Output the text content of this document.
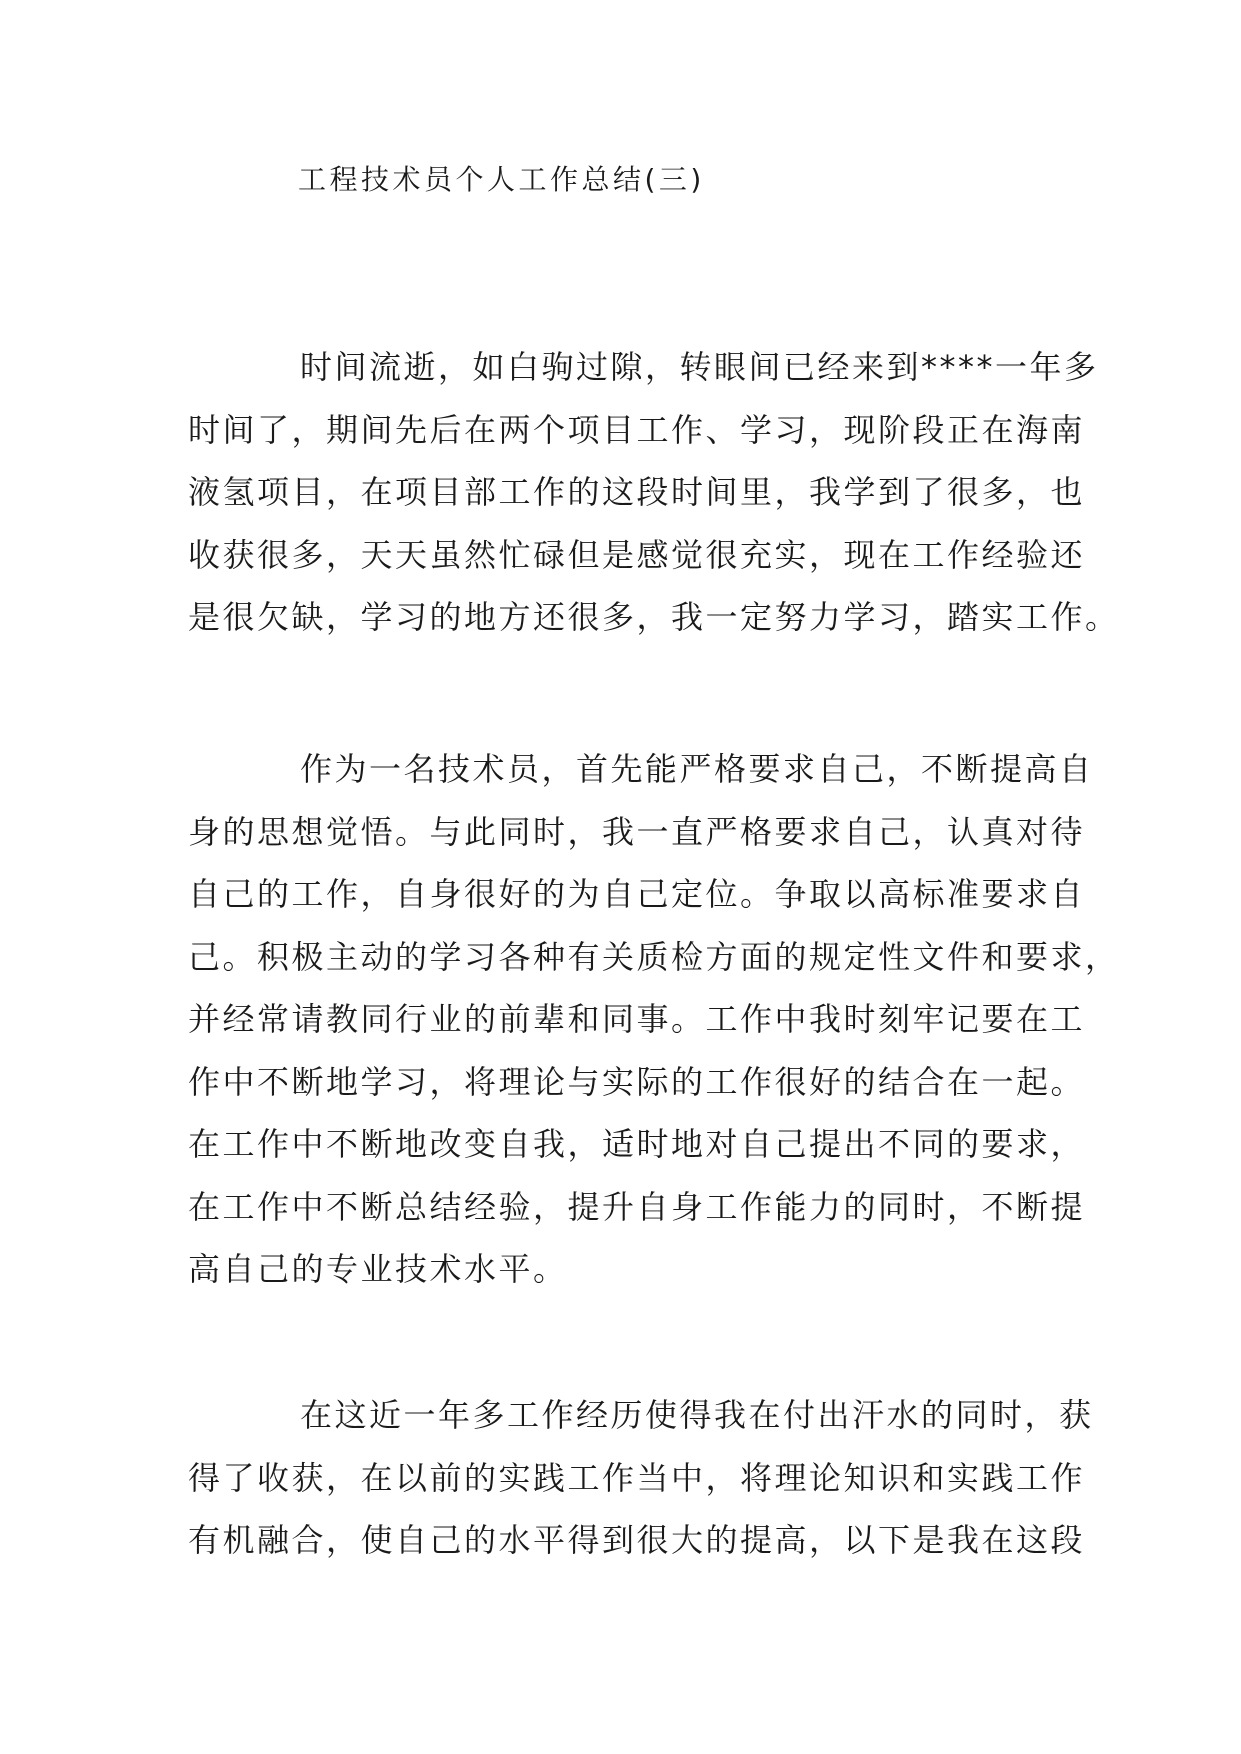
工程技术员个人工作总结(三)
时间流逝，如白驹过隙，转眼间已经来到****一年多
时间了，期间先后在两个项目工作、学习，现阶段正在海南
液氢项目，在项目部工作的这段时间里，我学到了很多，也
收获很多，天天虽然忙碌但是感觉很充实，现在工作经验还
是很欠缺，学习的地方还很多，我一定努力学习，踏实工作。
作为一名技术员，首先能严格要求自己，不断提高自
身的思想觉悟。与此同时，我一直严格要求自己，认真对待
自己的工作，自身很好的为自己定位。争取以高标准要求自
己。积极主动的学习各种有关质检方面的规定性文件和要求，
并经常请教同行业的前辈和同事。工作中我时刻牢记要在工
作中不断地学习，将理论与实际的工作很好的结合在一起。
在工作中不断地改变自我，适时地对自己提出不同的要求，
在工作中不断总结经验，提升自身工作能力的同时，不断提
高自己的专业技术水平。
在这近一年多工作经历使得我在付出汗水的同时，获
得了收获，在以前的实践工作当中，将理论知识和实践工作
有机融合，使自己的水平得到很大的提高，以下是我在这段
